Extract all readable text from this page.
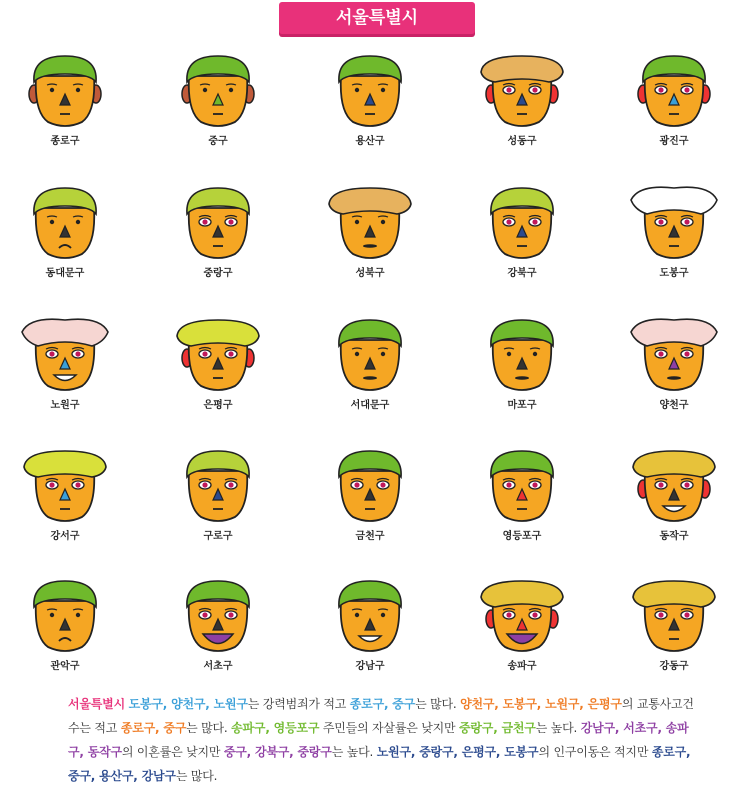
서울특별시
종로구	중구	용산구	성동구	광진구
동대문구	중랑구	성북구	강북구	도봉구
노원구	은평구	서대문구	마포구	양천구
강서구	구로구	금천구	영등포구	동작구
관악구	서초구	강남구	송파구	강동구
서울특별시 도봉구, 양천구, 노원구는 강력범죄가 적고 종로구, 중구는 많다. 양천구, 도봉구, 노원구, 은평구의 교통사고건수는 적고 종로구, 중구는 많다. 송파구, 영등포구 주민들의 자살률은 낮지만 중랑구, 금천구는 높다. 강남구, 서초구, 송파구, 동작구의 이혼률은 낮지만 중구, 강북구, 중랑구는 높다. 노원구, 중랑구, 은평구, 도봉구의 인구이동은 적지만 종로구, 중구, 용산구, 강남구는 많다.
